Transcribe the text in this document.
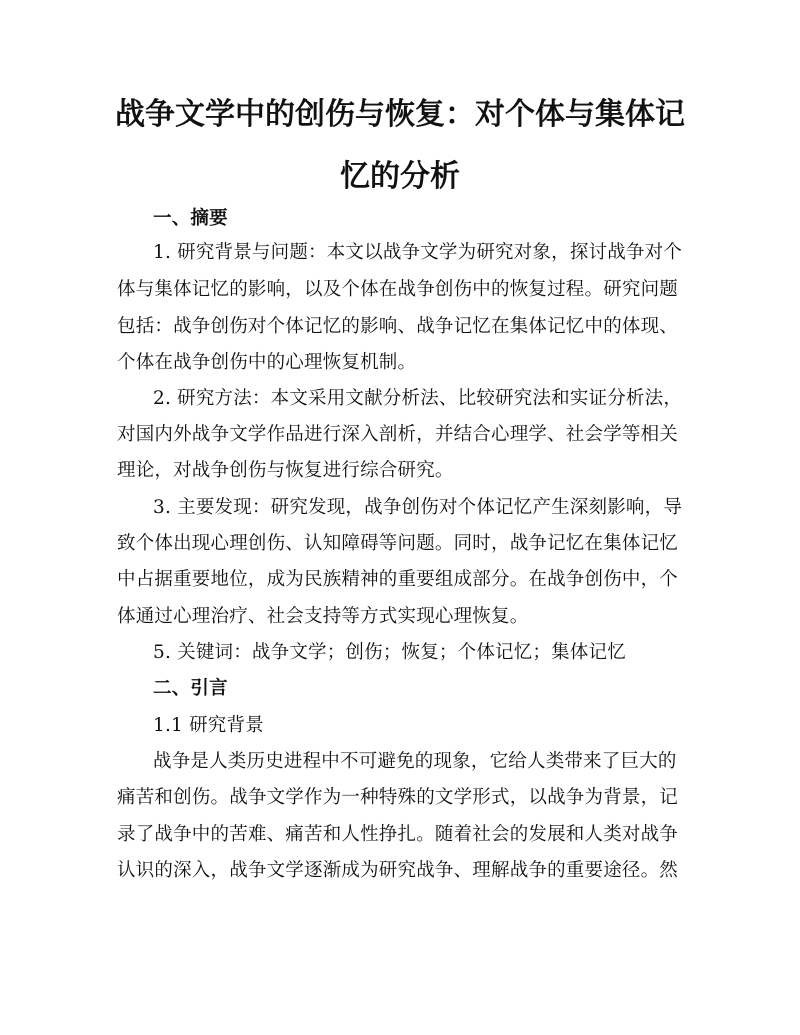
战争文学中的创伤与恢复：对个体与集体记
忆的分析
一、摘要
1. 研究背景与问题：本文以战争文学为研究对象，探讨战争对个
体与集体记忆的影响，以及个体在战争创伤中的恢复过程。研究问题
包括：战争创伤对个体记忆的影响、战争记忆在集体记忆中的体现、
个体在战争创伤中的心理恢复机制。
2. 研究方法：本文采用文献分析法、比较研究法和实证分析法，
对国内外战争文学作品进行深入剖析，并结合心理学、社会学等相关
理论，对战争创伤与恢复进行综合研究。
3. 主要发现：研究发现，战争创伤对个体记忆产生深刻影响，导
致个体出现心理创伤、认知障碍等问题。同时，战争记忆在集体记忆
中占据重要地位，成为民族精神的重要组成部分。在战争创伤中，个
体通过心理治疗、社会支持等方式实现心理恢复。
5. 关键词：战争文学；创伤；恢复；个体记忆；集体记忆
二、引言
1.1 研究背景
战争是人类历史进程中不可避免的现象，它给人类带来了巨大的
痛苦和创伤。战争文学作为一种特殊的文学形式，以战争为背景，记
录了战争中的苦难、痛苦和人性挣扎。随着社会的发展和人类对战争
认识的深入，战争文学逐渐成为研究战争、理解战争的重要途径。然
